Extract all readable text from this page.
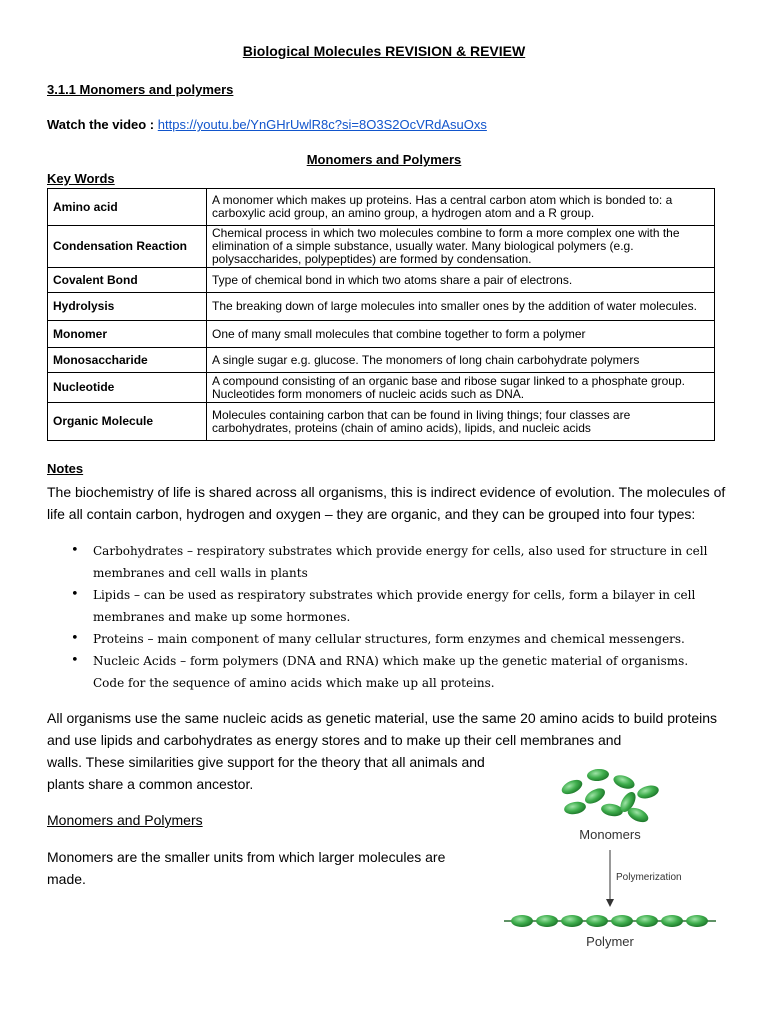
Biological Molecules REVISION & REVIEW
3.1.1 Monomers and polymers
Watch the video : https://youtu.be/YnGHrUwlR8c?si=8O3S2OcVRdAsuOxs
Monomers and Polymers
Key Words
Amino acid	A monomer which makes up proteins. Has a central carbon atom which is bonded to: a carboxylic acid group, an amino group, a hydrogen atom and a R group.
Condensation Reaction	Chemical process in which two molecules combine to form a more complex one with the elimination of a simple substance, usually water. Many biological polymers (e.g. polysaccharides, polypeptides) are formed by condensation.
Covalent Bond	Type of chemical bond in which two atoms share a pair of electrons.
Hydrolysis	The breaking down of large molecules into smaller ones by the addition of water molecules.
Monomer	One of many small molecules that combine together to form a polymer
Monosaccharide	A single sugar e.g. glucose. The monomers of long chain carbohydrate polymers
Nucleotide	A compound consisting of an organic base and ribose sugar linked to a phosphate group. Nucleotides form monomers of nucleic acids such as DNA.
Organic Molecule	Molecules containing carbon that can be found in living things; four classes are carbohydrates, proteins (chain of amino acids), lipids, and nucleic acids
Notes
The biochemistry of life is shared across all organisms, this is indirect evidence of evolution. The molecules of life all contain carbon, hydrogen and oxygen – they are organic, and they can be grouped into four types:
• Carbohydrates – respiratory substrates which provide energy for cells, also used for structure in cell membranes and cell walls in plants
• Lipids – can be used as respiratory substrates which provide energy for cells, form a bilayer in cell membranes and make up some hormones.
• Proteins – main component of many cellular structures, form enzymes and chemical messengers.
• Nucleic Acids – form polymers (DNA and RNA) which make up the genetic material of organisms. Code for the sequence of amino acids which make up all proteins.
All organisms use the same nucleic acids as genetic material, use the same 20 amino acids to build proteins and use lipids and carbohydrates as energy stores and to make up their cell membranes and
walls. These similarities give support for the theory that all animals and
plants share a common ancestor.
Monomers and Polymers
Monomers are the smaller units from which larger molecules are
made.
Monomers
Polymerization
Polymer
